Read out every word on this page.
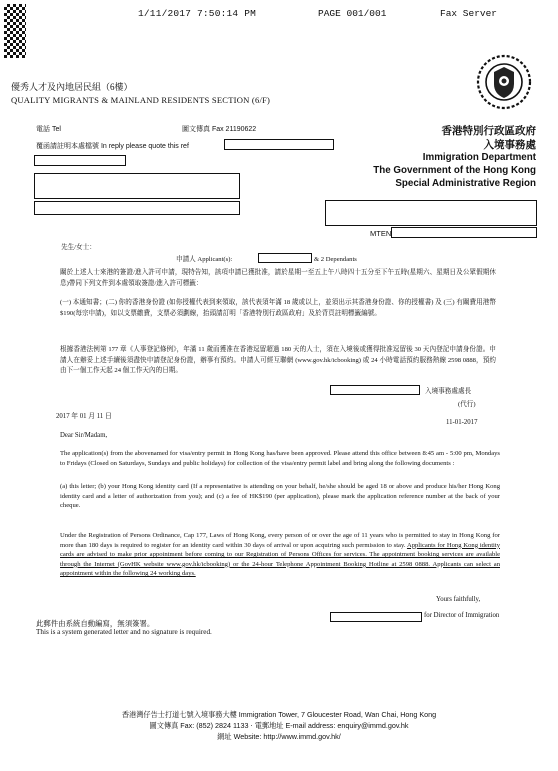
1/11/2017 7:50:14 PM	PAGE 001/001	Fax Server
優秀人才及內地居民組（6樓）
QUALITY MIGRANTS & MAINLAND RESIDENTS SECTION (6/F)
電話 Tel	圖文傳真 Fax 21190622
覆函請註明本處檔號 In reply please quote this ref
香港特別行政區政府
入境事務處
Immigration Department
The Government of the Hong Kong
Special Administrative Region
MTEN
先生/女士：
申請人 Applicant(s):	& 2 Dependants

關於上述人士來港的簽證/進入許可申請，現特告知，該項申請已獲批准，請於星期一至五上午八時四十五分至下午五時(星期六、星期日及公眾假期休息)帶同下列文件到本處領取簽證/進入許可標籤：

(一) 本通知書；(二) 你的香港身份證 (如你授權代表到來領取，該代表須年滿 18 歲或以上，並須出示其香港身份證、你的授權書) 及 (三) 有關費用港幣$190(每宗申請)，如以支票繳費，支票必須劃線，抬頭請訂明「香港特別行政區政府」及於背頁註明標籤編號。

根據香港法例第 177 章《人事登記條例》，年滿 11 歲而獲准在香港逗留超過 180 天的人士，須在入境後或獲得批准逗留後 30 天內登記申請身份證。申請人在辦妥上述手續後須盡快申請登記身份證，辦事有預約。申請人可經互聯網 (www.gov.hk/icbooking) 或 24 小時電話預約服務熱線 2598 0888，預約由下一個工作天起 24 個工作天內的日期。

入境事務處處長
(代行)
2017 年 01 月 11 日
11-01-2017
Dear Sir/Madam,

The application(s) from the abovenamed for visa/entry permit in Hong Kong has/have been approved. Please attend this office between 8:45 am - 5:00 pm, Mondays to Fridays (Closed on Saturdays, Sundays and public holidays) for collection of the visa/entry permit label and bring along the following documents :

(a) this letter; (b) your Hong Kong identity card (If a representative is attending on your behalf, he/she should be aged 18 or above and produce his/her Hong Kong identity card and a letter of authorization from you); and (c) a fee of HK$190 (per application), please mark the application reference number at the back of your cheque.

Under the Registration of Persons Ordinance, Cap 177, Laws of Hong Kong, every person of or over the age of 11 years who is permitted to stay in Hong Kong for more than 180 days is required to register for an identity card within 30 days of arrival or upon acquiring such permission to stay. Applicants for Hong Kong identity cards are advised to make prior appointment before coming to our Registration of Persons Offices for services. The appointment booking services are available through the Internet (GovHK website www.gov.hk/icbooking) or the 24-hour Telephone Appointment Booking Hotline at 2598 0888. Applicants can select an appointment within the following 24 working days.

Yours faithfully,
for Director of Immigration
此郵件由系統自動編寫，無須簽署。
This is a system generated letter and no signature is required.
香港灣仔告士打道七號入境事務大樓 Immigration Tower, 7 Gloucester Road, Wan Chai, Hong Kong
圖文傳真 Fax: (852) 2824 1133 ‧ 電郵地址 E-mail address: enquiry@immd.gov.hk
網址 Website: http://www.immd.gov.hk/
